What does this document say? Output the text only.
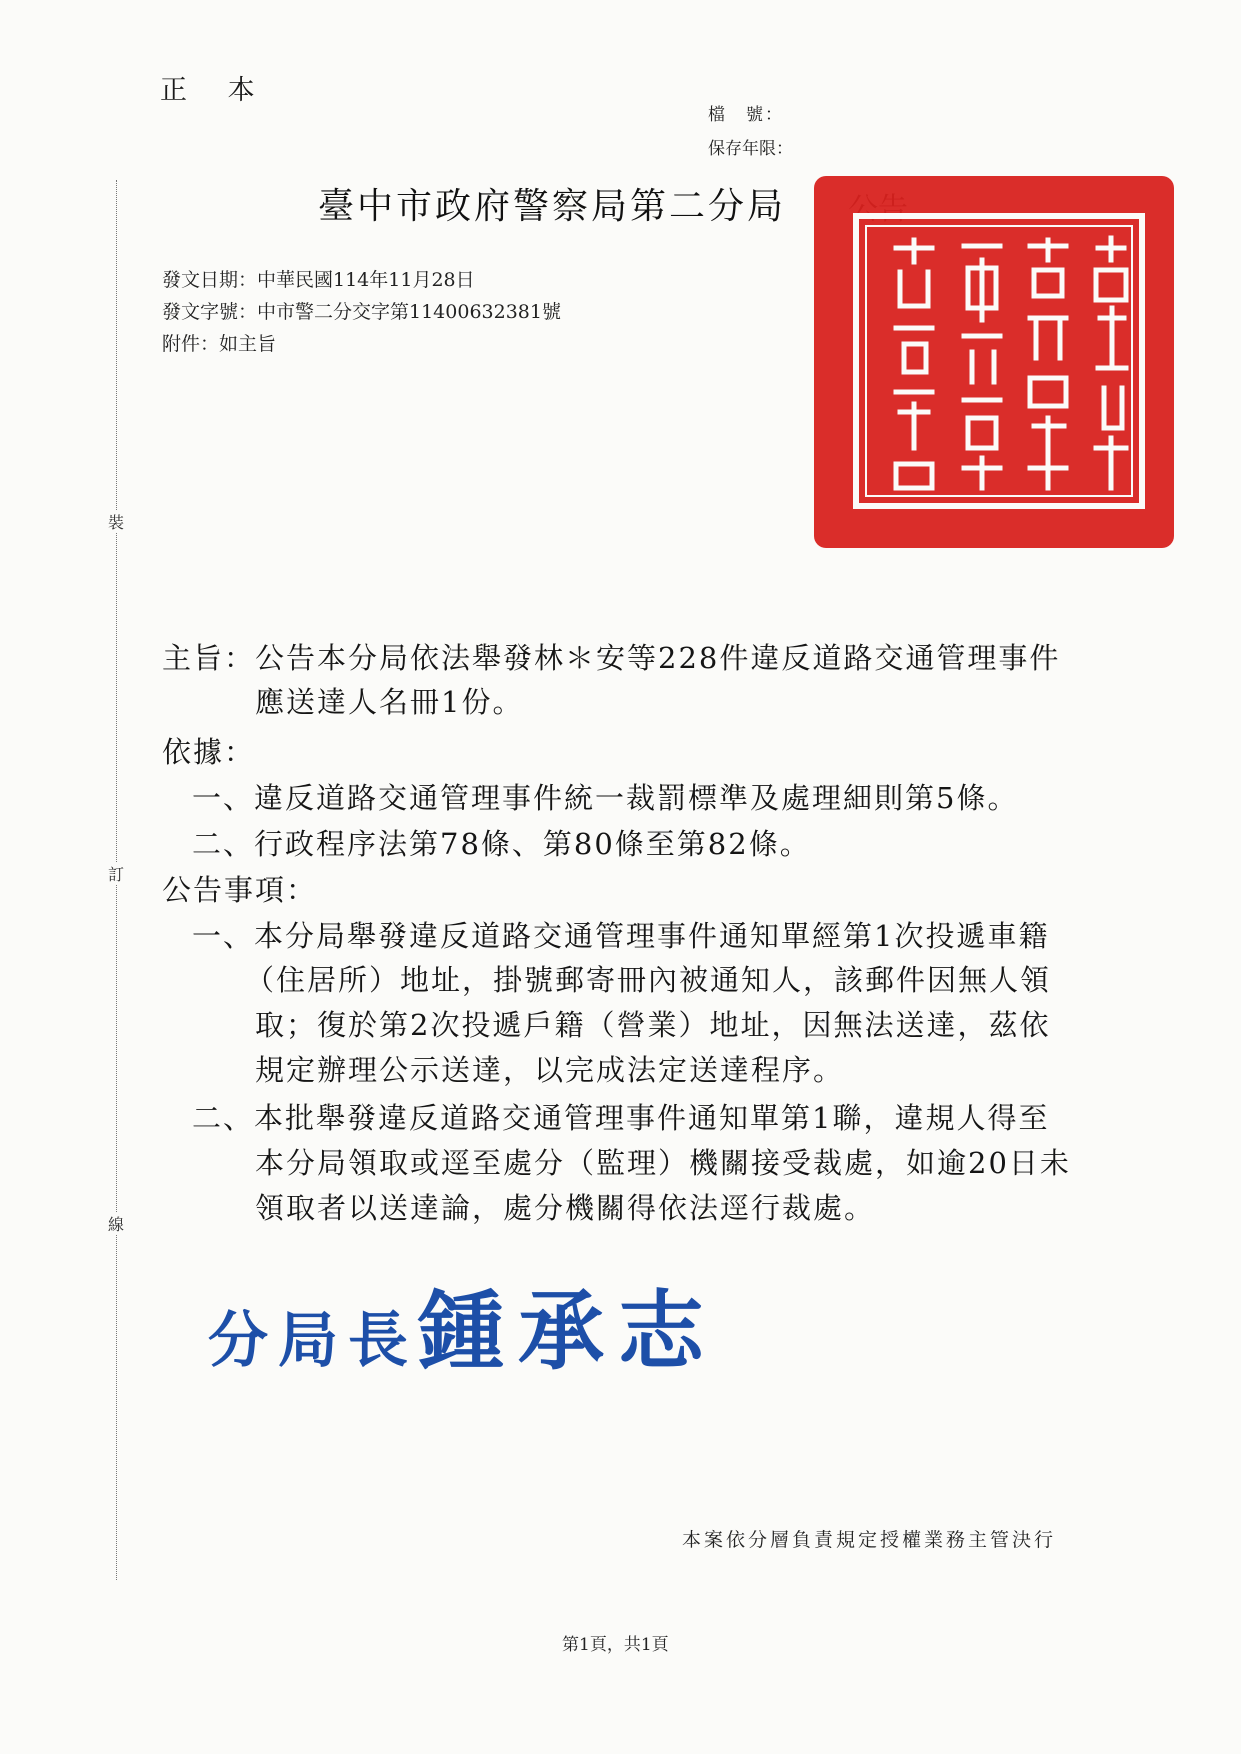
正 本
檔　號：
保存年限：
臺中市政府警察局第二分局
發文日期：中華民國114年11月28日
發文字號：中市警二分交字第11400632381號
附件：如主旨
裝
訂
線
主旨：公告本分局依法舉發林＊安等228件違反道路交通管理事件
應送達人名冊1份。
依據：
一、違反道路交通管理事件統一裁罰標準及處理細則第5條。
二、行政程序法第78條、第80條至第82條。
公告事項：
一、本分局舉發違反道路交通管理事件通知單經第1次投遞車籍
（住居所）地址，掛號郵寄冊內被通知人，該郵件因無人領
取；復於第2次投遞戶籍（營業）地址，因無法送達，茲依
規定辦理公示送達，以完成法定送達程序。
二、本批舉發違反道路交通管理事件通知單第1聯，違規人得至
本分局領取或逕至處分（監理）機關接受裁處，如逾20日未
領取者以送達論，處分機關得依法逕行裁處。
分局長鍾承志
本案依分層負責規定授權業務主管決行
第1頁，共1頁
